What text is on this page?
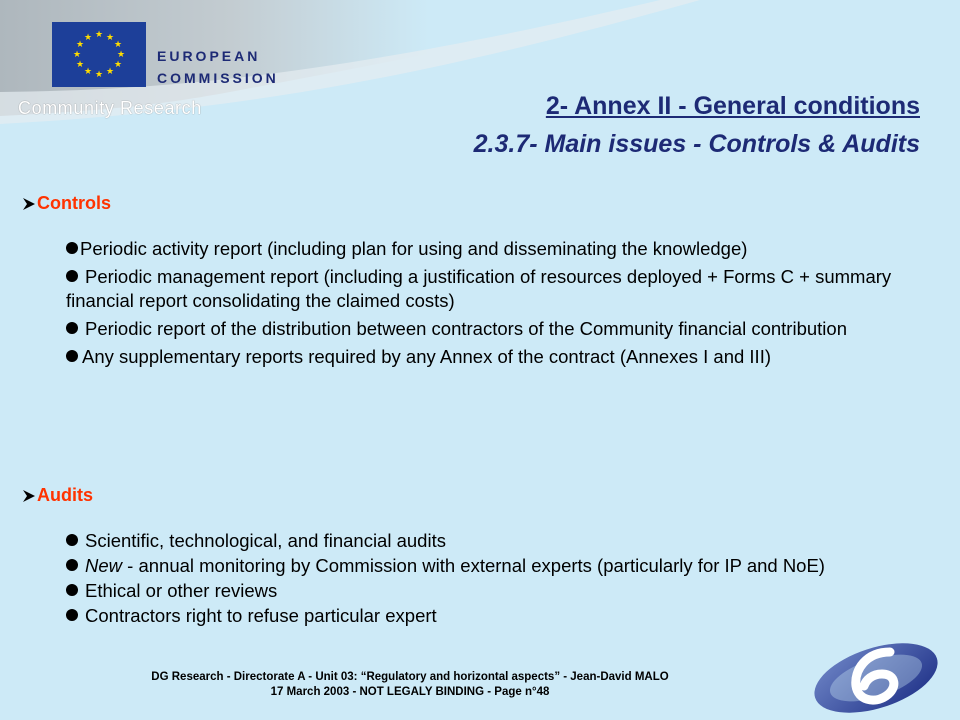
★ ★
★
★
★
★
★
★
★
★
★
★
EUROPEAN
COMMISSION
Community Research	2- Annex II - General conditions
2.3.7- Main issues - Controls & Audits
Controls
Periodic activity report (including plan for using and disseminating the knowledge)
Periodic management report (including a justification of resources deployed + Forms C + summary financial report consolidating the claimed costs)
Periodic report of the distribution between contractors of the Community financial contribution
Any supplementary reports required by any Annex of the contract (Annexes I and III)
Audits
Scientific, technological, and financial audits
New - annual monitoring by Commission with external experts (particularly for IP and NoE)
Ethical or other reviews
Contractors right to refuse particular expert
DG Research - Directorate A - Unit 03: “Regulatory and horizontal aspects” - Jean-David MALO
17 March 2003 - NOT LEGALY BINDING - Page n°48
